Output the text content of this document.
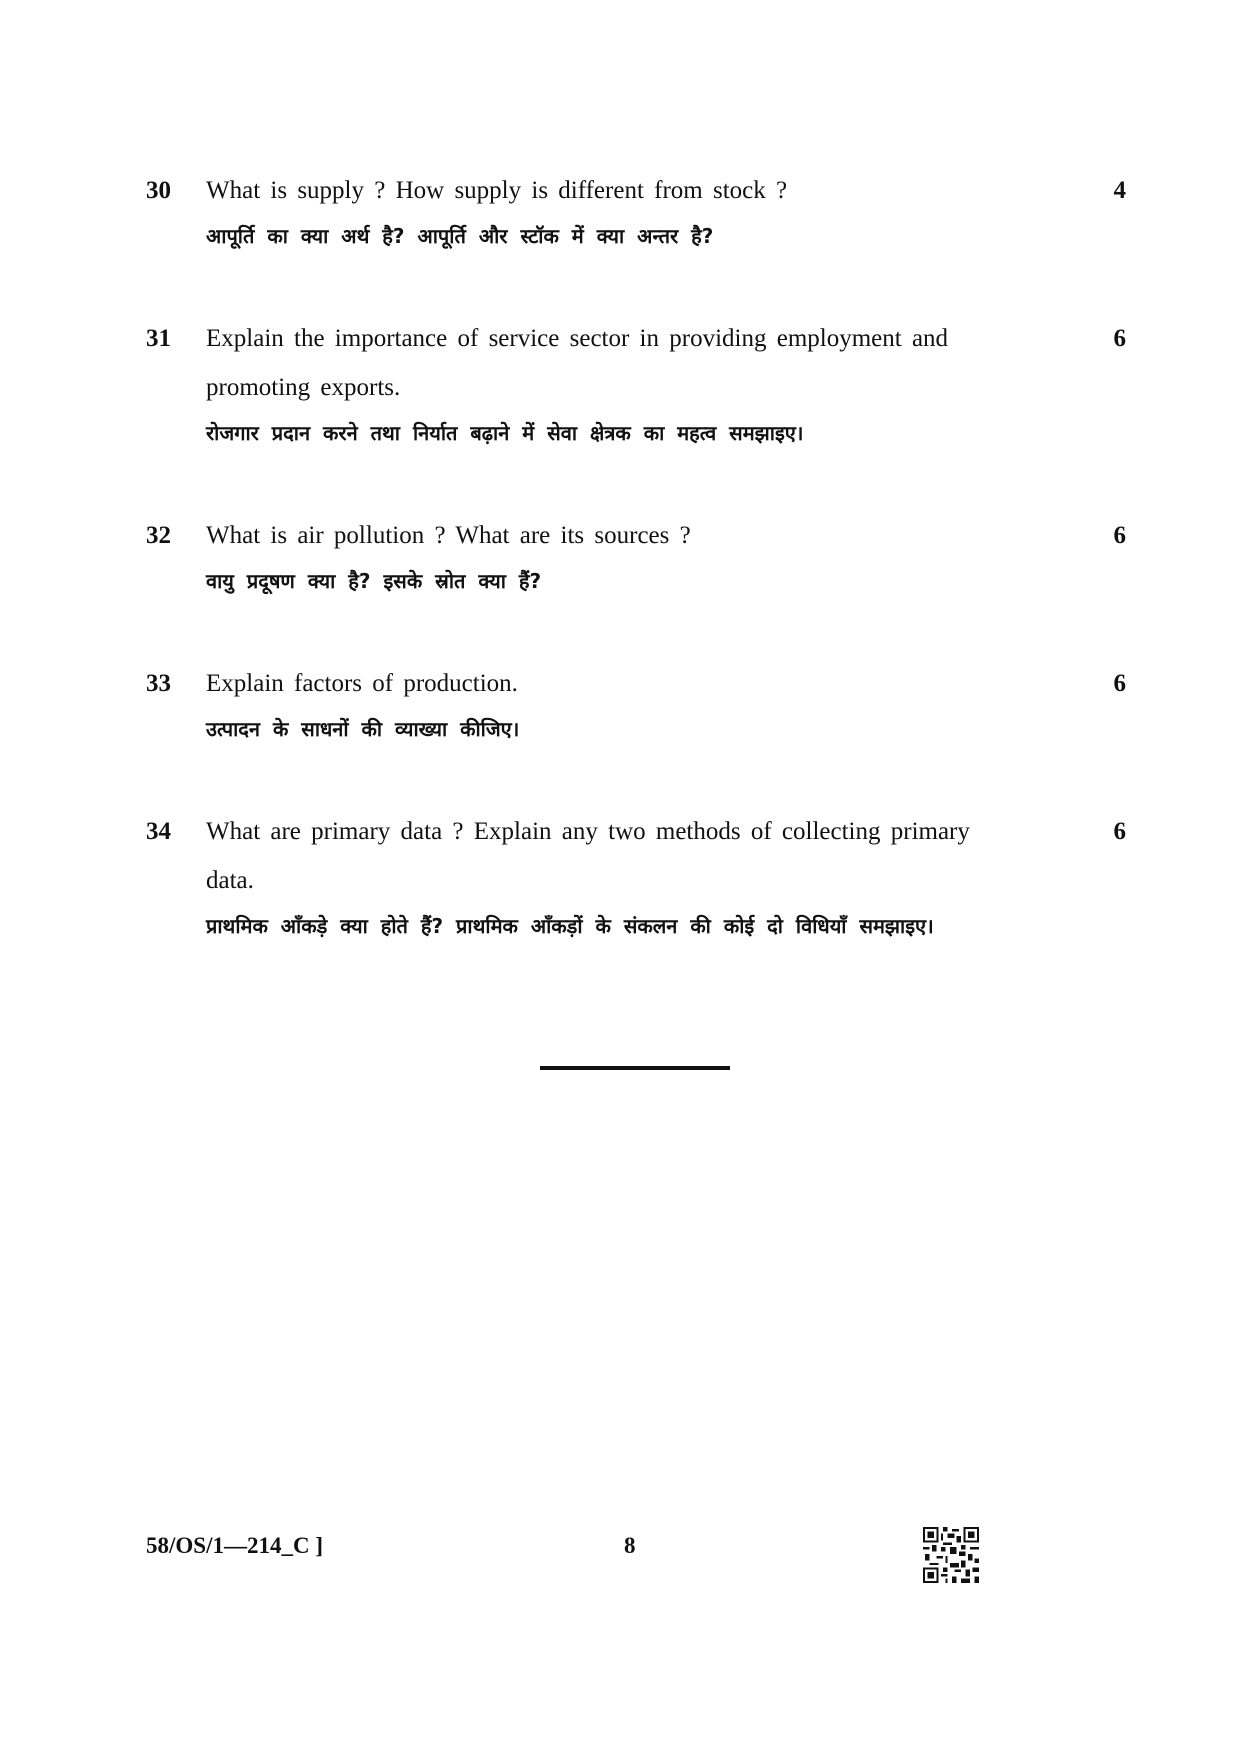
30 What is supply ? How supply is different from stock ?
आपूर्ति का क्या अर्थ है? आपूर्ति और स्टॉक में क्या अन्तर है?
4
31 Explain the importance of service sector in providing employment and promoting exports.
रोजगार प्रदान करने तथा निर्यात बढ़ाने में सेवा क्षेत्रक का महत्व समझाइए।
6
32 What is air pollution ? What are its sources ?
वायु प्रदूषण क्या है? इसके स्रोत क्या हैं?
6
33 Explain factors of production.
उत्पादन के साधनों की व्याख्या कीजिए।
6
34 What are primary data ? Explain any two methods of collecting primary data.
प्राथमिक आँकड़े क्या होते हैं? प्राथमिक आँकड़ों के संकलन की कोई दो विधियाँ समझाइए।
6
58/OS/1—214_C ]	8
